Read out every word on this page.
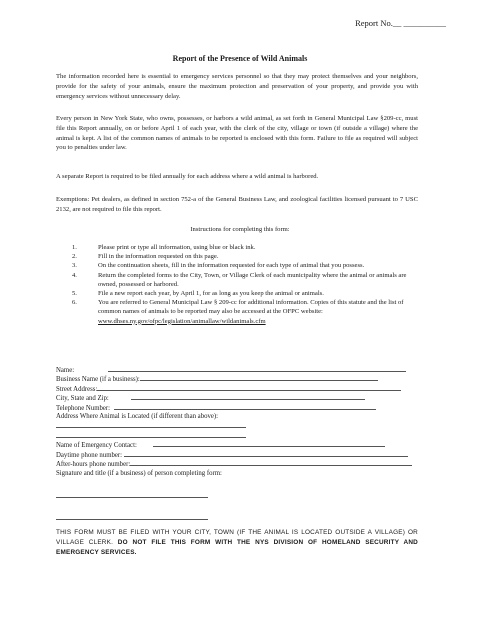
Report No.__ __________
Report of the Presence of Wild Animals

The information recorded here is essential to emergency services personnel so that they may protect themselves and your neighbors, provide for the safety of your animals, ensure the maximum protection and preservation of your property, and provide you with emergency services without unnecessary delay.

Every person in New York State, who owns, possesses, or harbors a wild animal, as set forth in General Municipal Law §209-cc, must file this Report annually, on or before April 1 of each year, with the clerk of the city, village or town (if outside a village) where the animal is kept. A list of the common names of animals to be reported is enclosed with this form. Failure to file as required will subject you to penalties under law.

A separate Report is required to be filed annually for each address where a wild animal is harbored.

Exemptions: Pet dealers, as defined in section 752-a of the General Business Law, and zoological facilities licensed pursuant to 7 USC 2132, are not required to file this report.

Instructions for completing this form:
1.	Please print or type all information, using blue or black ink.
2.	Fill in the information requested on this page.
3.	On the continuation sheets, fill in the information requested for each type of animal that you possess.
4.	Return the completed forms to the City, Town, or Village Clerk of each municipality where the animal or animals are owned, possessed or harbored.
5.	File a new report each year, by April 1, for as long as you keep the animal or animals.
6.	You are referred to General Municipal Law § 209-cc for additional information. Copies of this statute and the list of common names of animals to be reported may also be accessed at the OFPC website: www.dhses.ny.gov/ofpc/legislation/animallaw/wildanimals.cfm
Name:
Business Name (if a business):
Street Address:
City, State and Zip:
Telephone Number:
Address Where Animal is Located (if different than above):
Name of Emergency Contact:
Daytime phone number:
After-hours phone number:
Signature and title (if a business) of person completing form:

THIS FORM MUST BE FILED WITH YOUR CITY, TOWN (IF THE ANIMAL IS LOCATED OUTSIDE A VILLAGE) OR VILLAGE CLERK. DO NOT FILE THIS FORM WITH THE NYS DIVISION OF HOMELAND SECURITY AND EMERGENCY SERVICES.
